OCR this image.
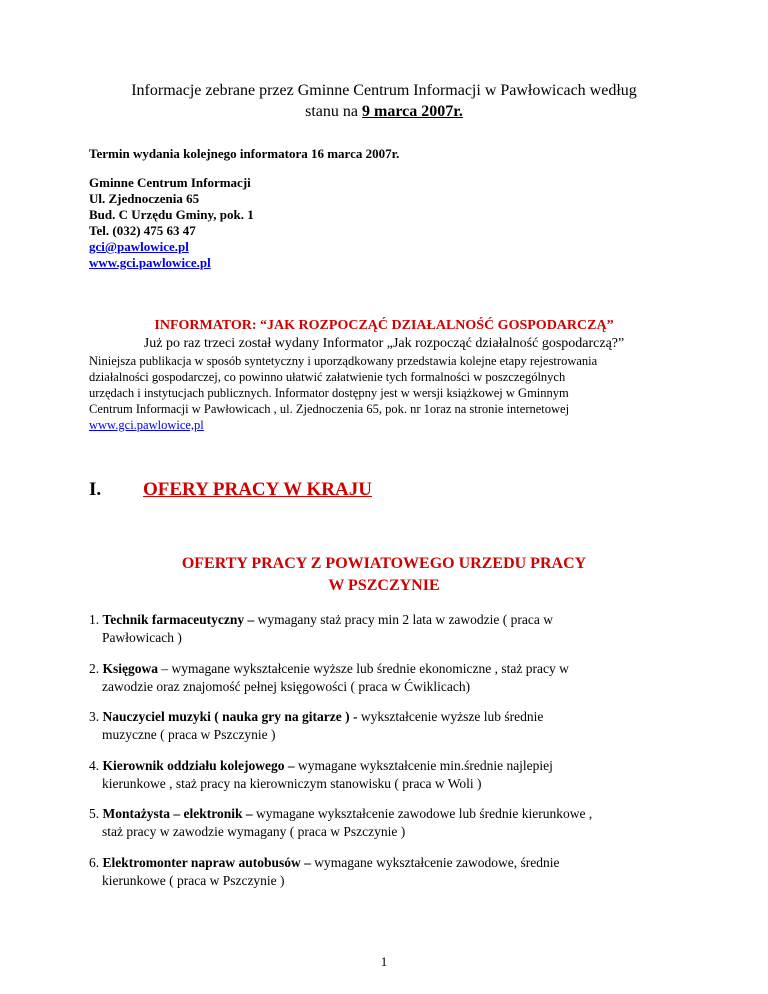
Informacje zebrane przez Gminne Centrum Informacji w Pawłowicach według
stanu na 9 marca 2007r.
Termin wydania kolejnego informatora 16 marca 2007r.
Gminne Centrum Informacji
Ul. Zjednoczenia 65
Bud. C Urzędu Gminy, pok. 1
Tel. (032) 475 63 47
gci@pawlowice.pl
www.gci.pawlowice.pl
INFORMATOR: “JAK ROZPOCZĄĆ DZIAŁALNOŚĆ GOSPODARCZĄ”
Już po raz trzeci został wydany Informator „Jak rozpocząć działalność gospodarczą?”
Niniejsza publikacja w sposób syntetyczny i uporządkowany przedstawia kolejne etapy rejestrowania
działalności gospodarczej, co powinno ułatwić załatwienie tych formalności w poszczególnych
urzędach i instytucjach publicznych. Informator dostępny jest w wersji książkowej w Gminnym
Centrum Informacji w Pawłowicach , ul. Zjednoczenia 65, pok. nr 1oraz na stronie internetowej
www.gci.pawlowice,pl
I. OFERY PRACY W KRAJU
OFERTY PRACY Z POWIATOWEGO URZEDU PRACY
W PSZCZYNIE
1. Technik farmaceutyczny – wymagany staż pracy min 2 lata w zawodzie ( praca w
Pawłowicach )
2. Księgowa – wymagane wykształcenie wyższe lub średnie ekonomiczne , staż pracy w
zawodzie oraz znajomość pełnej księgowości ( praca w Ćwiklicach)
3. Nauczyciel muzyki ( nauka gry na gitarze ) - wykształcenie wyższe lub średnie
muzyczne ( praca w Pszczynie )
4. Kierownik oddziału kolejowego – wymagane wykształcenie min.średnie najlepiej
kierunkowe , staż pracy na kierowniczym stanowisku ( praca w Woli )
5. Montażysta – elektronik – wymagane wykształcenie zawodowe lub średnie kierunkowe ,
staż pracy w zawodzie wymagany ( praca w Pszczynie )
6. Elektromonter napraw autobusów – wymagane wykształcenie zawodowe, średnie
kierunkowe ( praca w Pszczynie )
1
